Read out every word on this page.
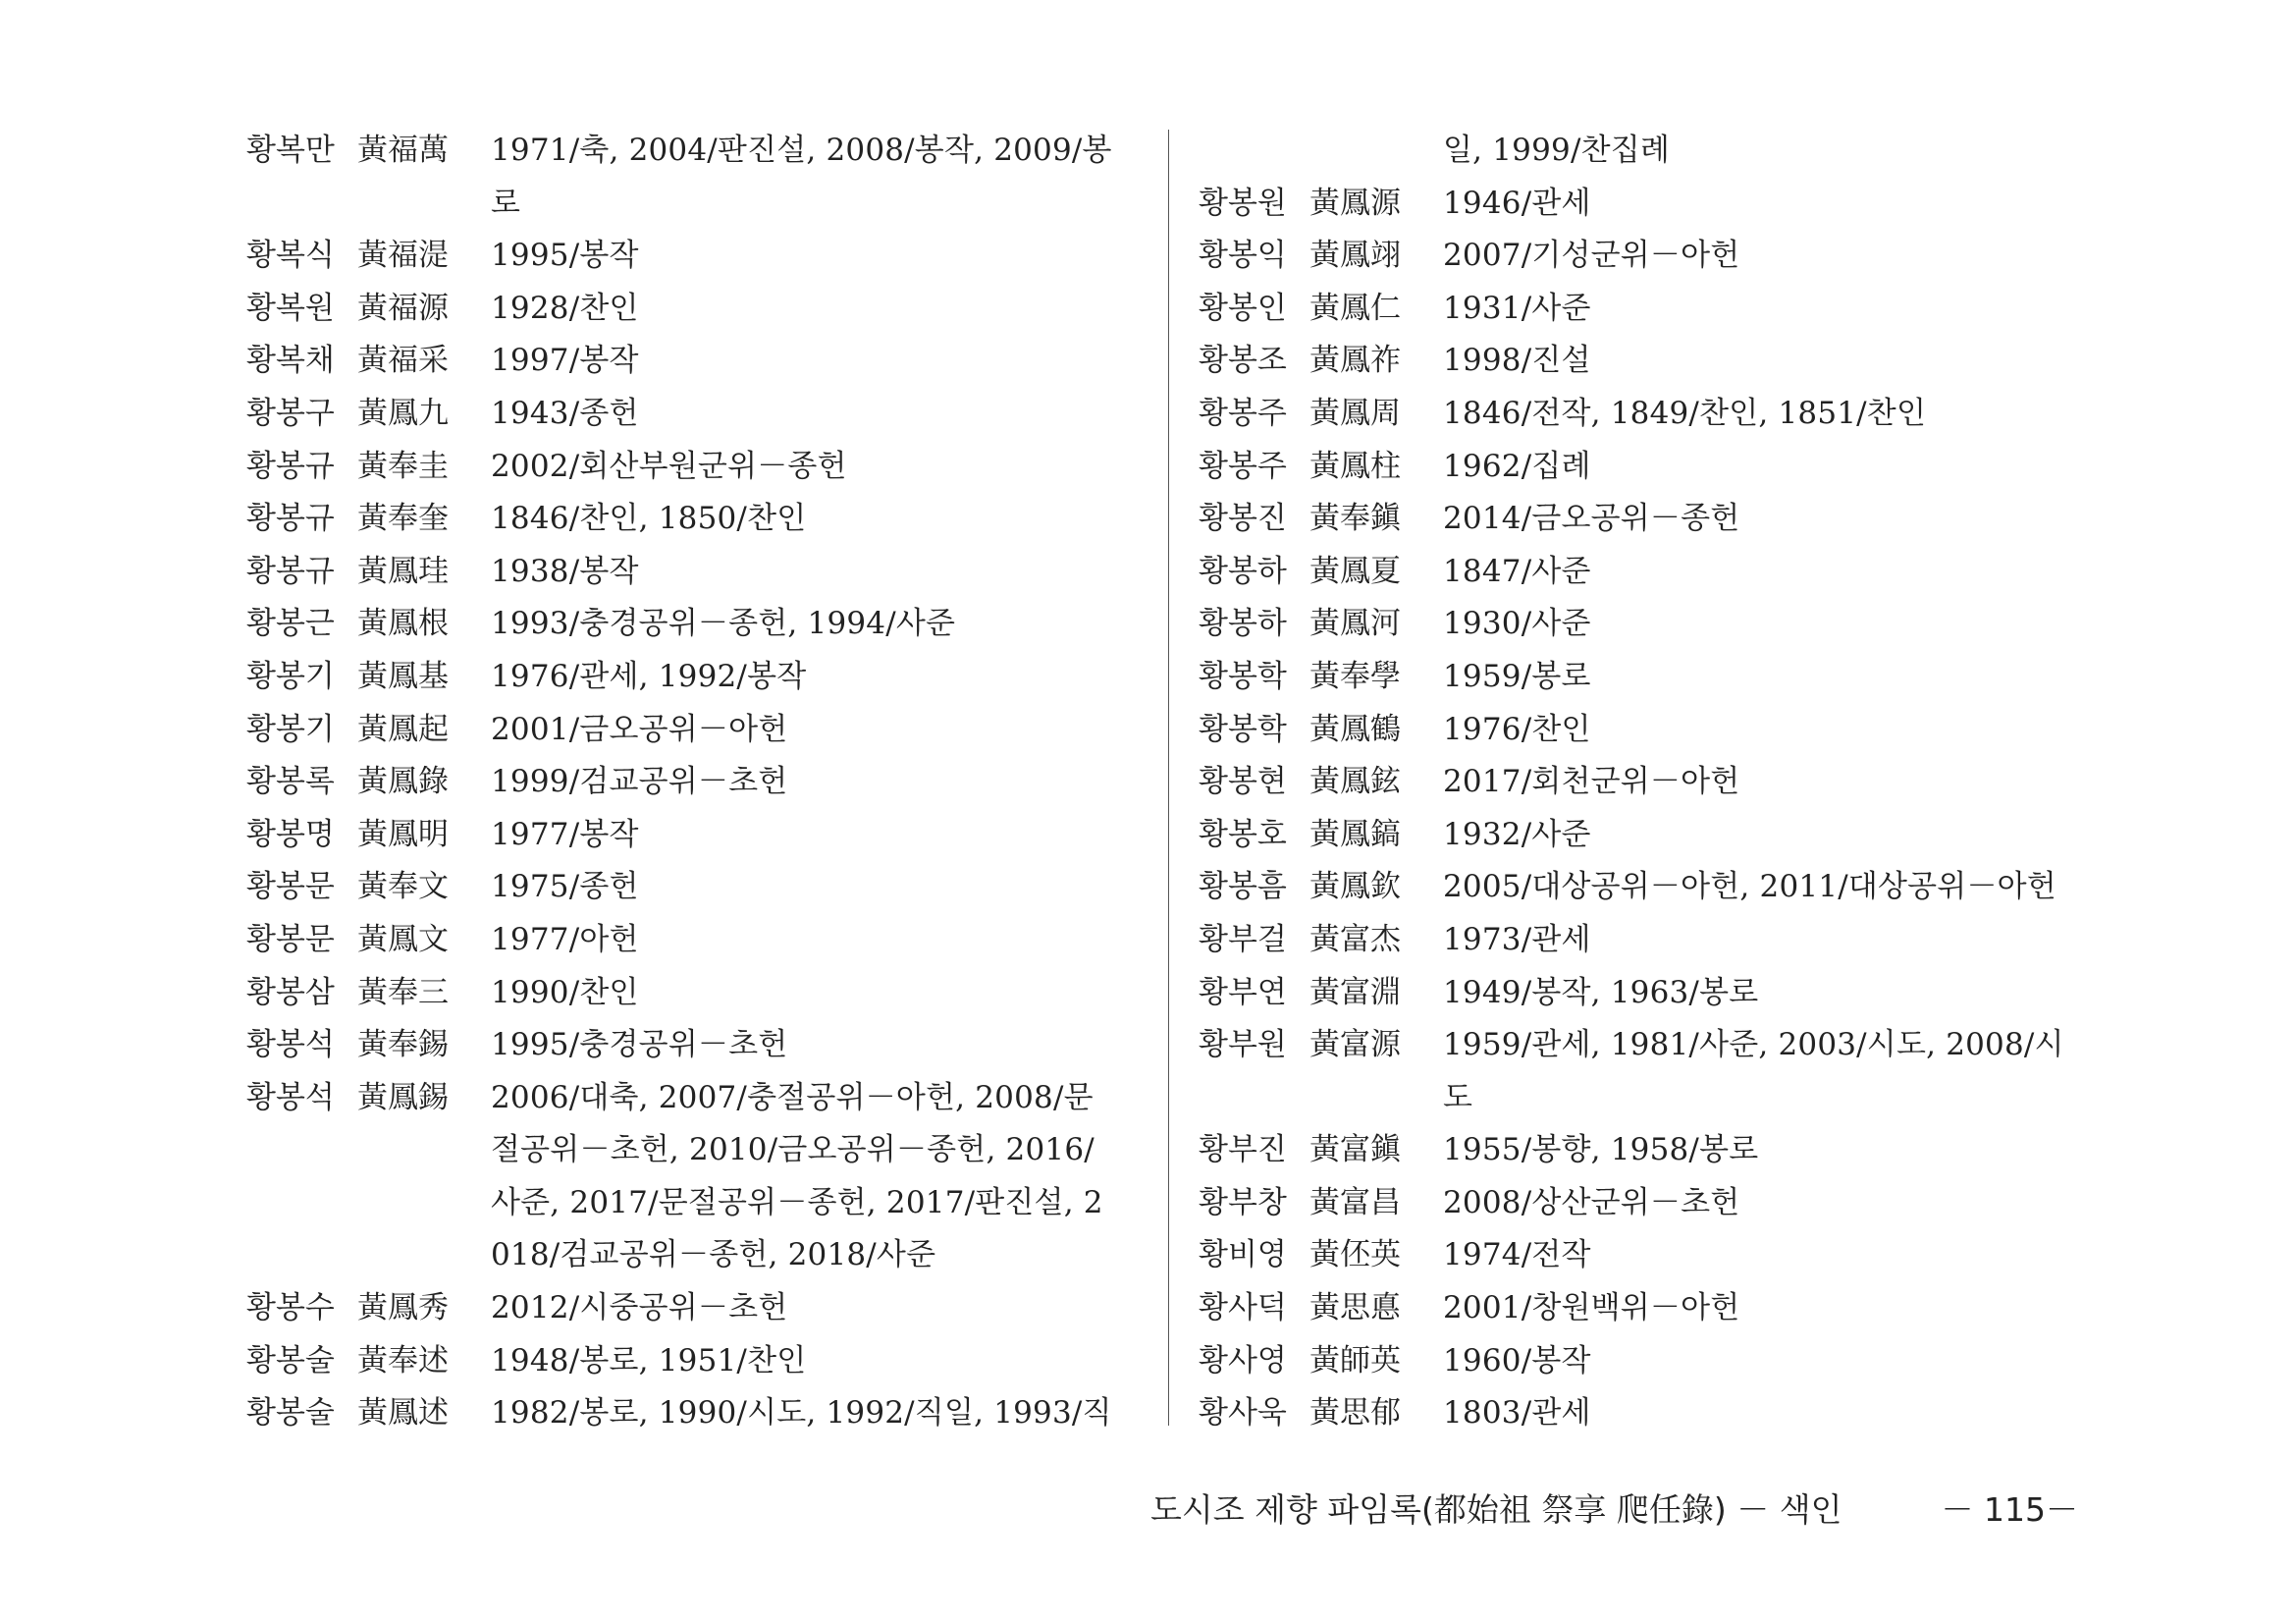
황복만 黃福萬	1971/축, 2004/판진설, 2008/봉작, 2009/봉
로
황복식 黃福湜	1995/봉작
황복원 黃福源	1928/찬인
황복채 黃福采	1997/봉작
황봉구 黃鳳九	1943/종헌
황봉규 黃奉圭	2002/회산부원군위－종헌
황봉규 黃奉奎	1846/찬인, 1850/찬인
황봉규 黃鳳珪	1938/봉작
황봉근 黃鳳根	1993/충경공위－종헌, 1994/사준
황봉기 黃鳳基	1976/관세, 1992/봉작
황봉기 黃鳳起	2001/금오공위－아헌
황봉록 黃鳳錄	1999/검교공위－초헌
황봉명 黃鳳明	1977/봉작
황봉문 黃奉文	1975/종헌
황봉문 黃鳳文	1977/아헌
황봉삼 黃奉三	1990/찬인
황봉석 黃奉錫	1995/충경공위－초헌
황봉석 黃鳳錫	2006/대축, 2007/충절공위－아헌, 2008/문
절공위－초헌, 2010/금오공위－종헌, 2016/
사준, 2017/문절공위－종헌, 2017/판진설, 2
018/검교공위－종헌, 2018/사준
황봉수 黃鳳秀	2012/시중공위－초헌
황봉술 黃奉述	1948/봉로, 1951/찬인
황봉술 黃鳳述	1982/봉로, 1990/시도, 1992/직일, 1993/직
일, 1999/찬집례
황봉원 黃鳳源	1946/관세
황봉익 黃鳳翊	2007/기성군위－아헌
황봉인 黃鳳仁	1931/사준
황봉조 黃鳳祚	1998/진설
황봉주 黃鳳周	1846/전작, 1849/찬인, 1851/찬인
황봉주 黃鳳柱	1962/집례
황봉진 黃奉鎭	2014/금오공위－종헌
황봉하 黃鳳夏	1847/사준
황봉하 黃鳳河	1930/사준
황봉학 黃奉學	1959/봉로
황봉학 黃鳳鶴	1976/찬인
황봉현 黃鳳鉉	2017/회천군위－아헌
황봉호 黃鳳鎬	1932/사준
황봉흠 黃鳳欽	2005/대상공위－아헌, 2011/대상공위－아헌
황부걸 黃富杰	1973/관세
황부연 黃富淵	1949/봉작, 1963/봉로
황부원 黃富源	1959/관세, 1981/사준, 2003/시도, 2008/시
도
황부진 黃富鎭	1955/봉향, 1958/봉로
황부창 黃富昌	2008/상산군위－초헌
황비영 黃伾英	1974/전작
황사덕 黃思悳	2001/창원백위－아헌
황사영 黃師英	1960/봉작
황사욱 黃思郁	1803/관세
도시조 제향 파임록(都始祖 祭享 爬任錄) － 색인	－ 115－
